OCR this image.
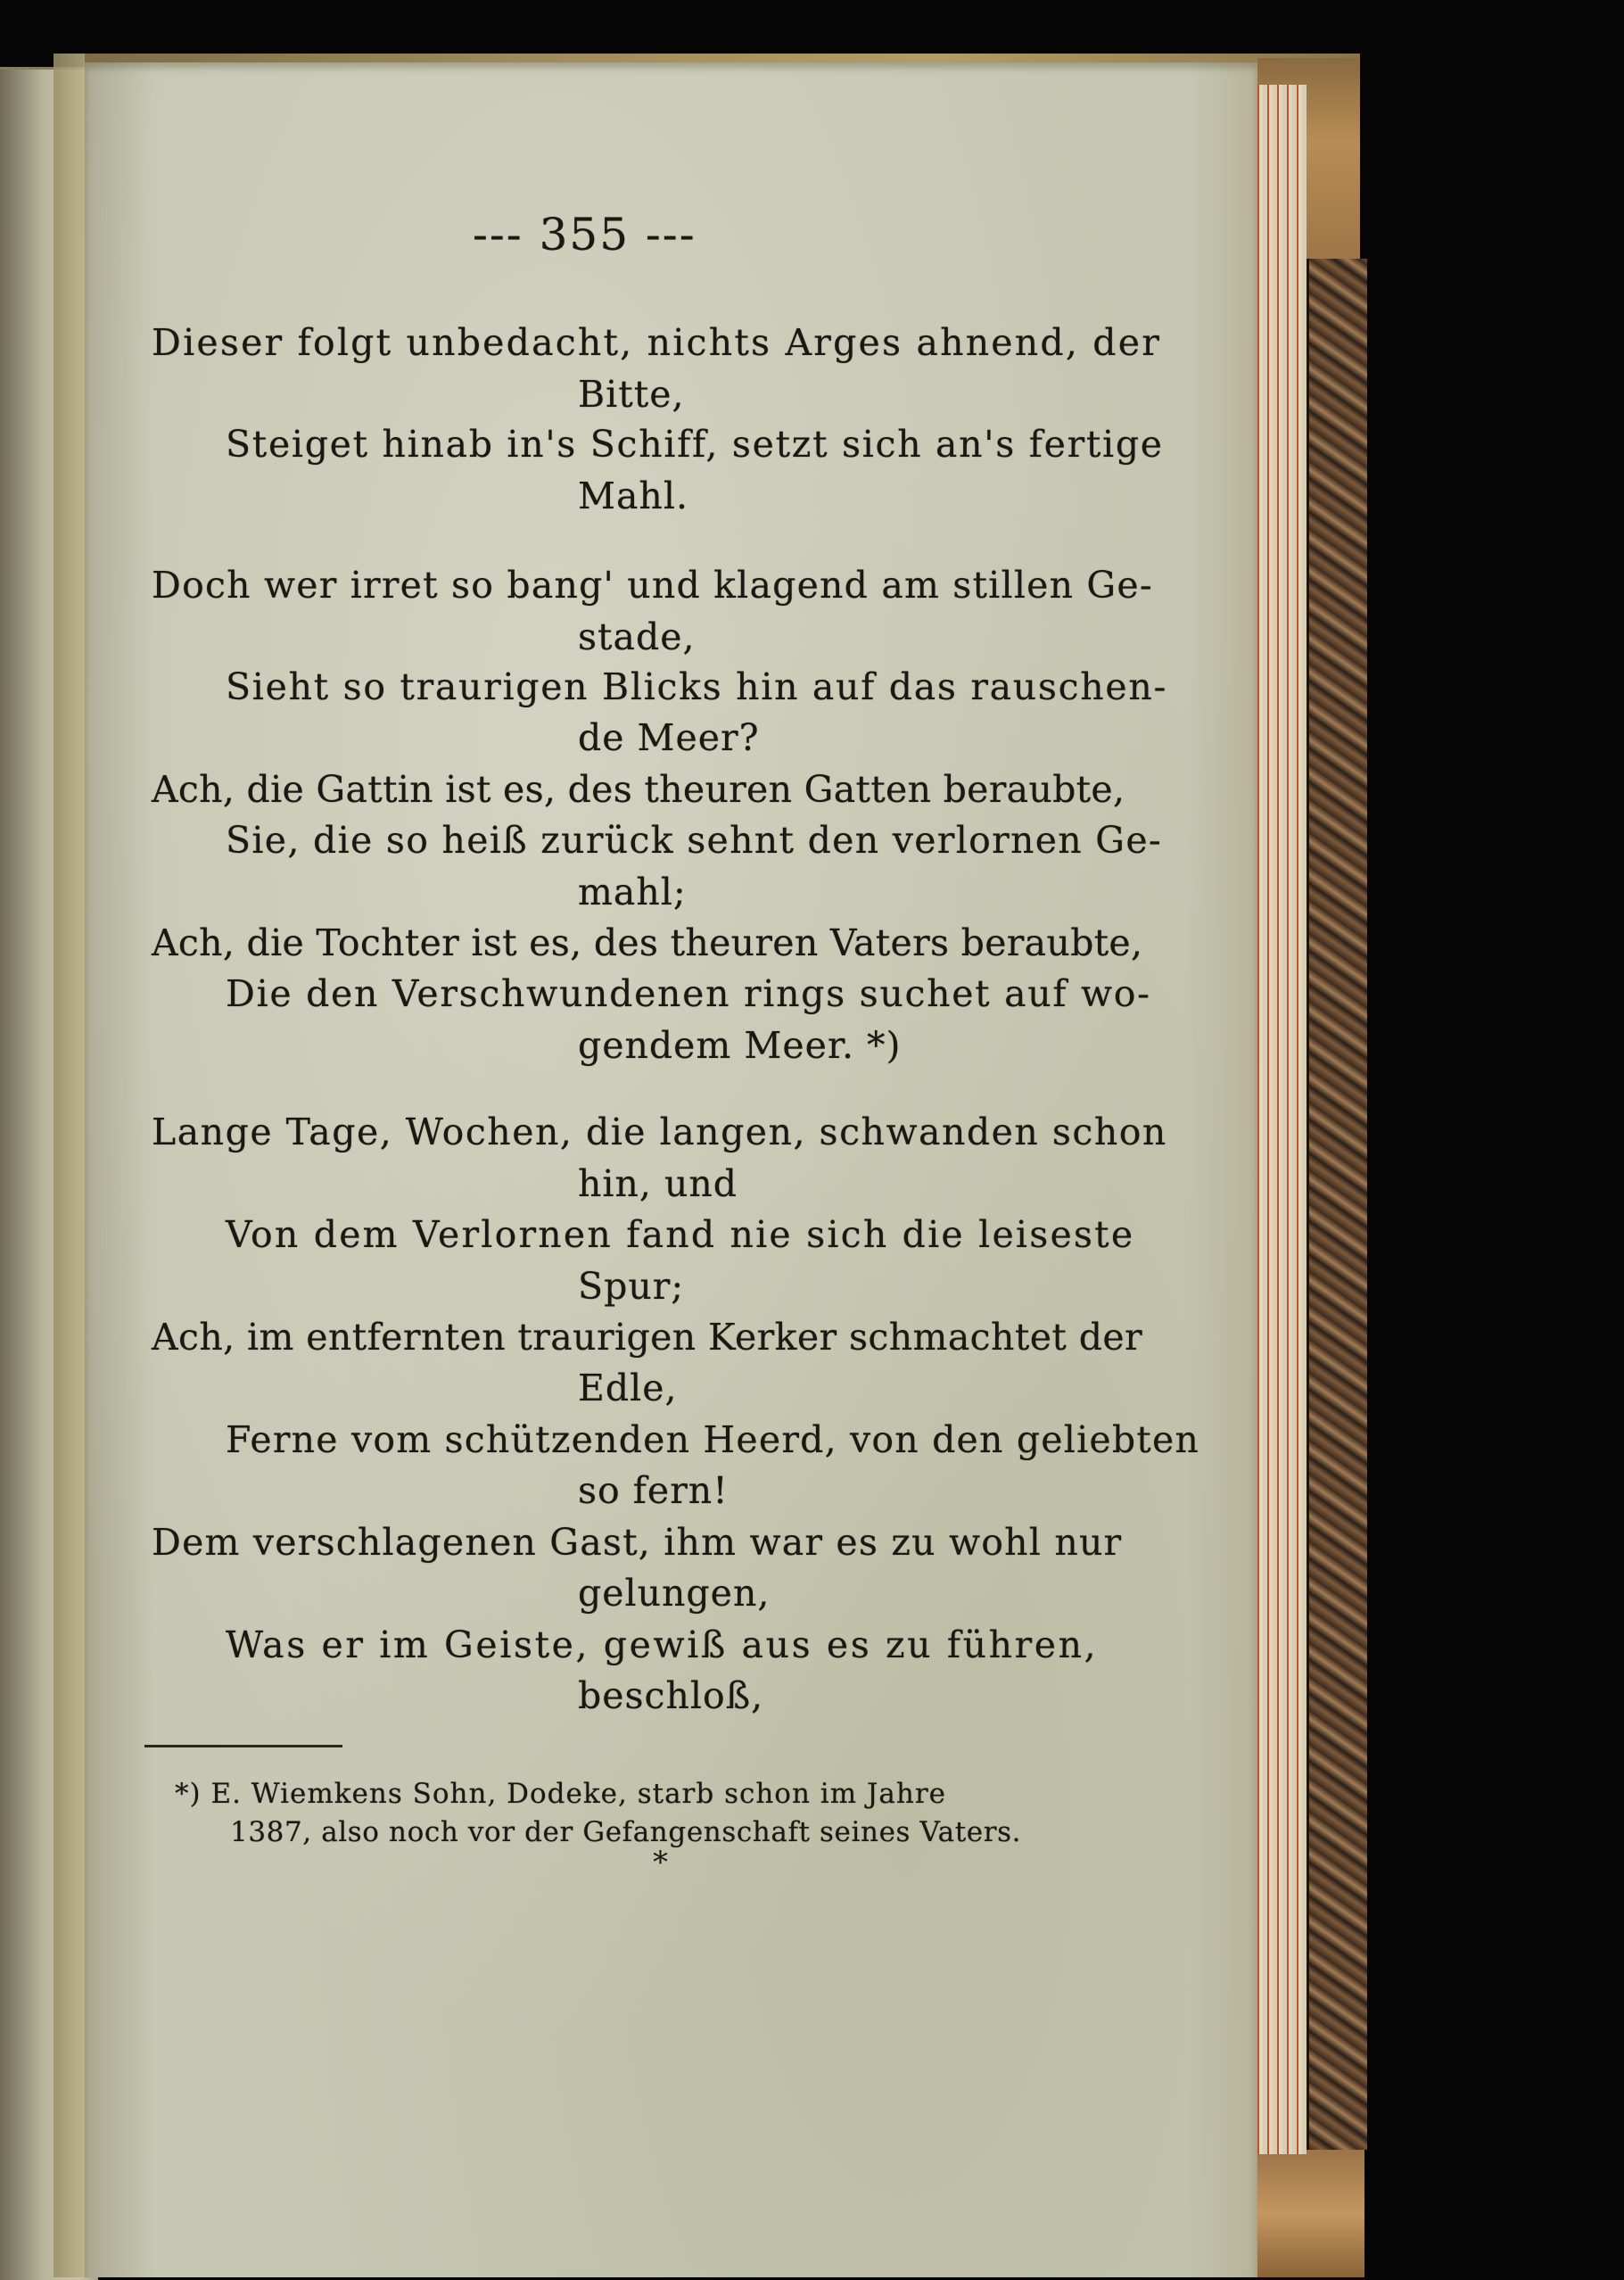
--- 355 ---
Dieser folgt unbedacht, nichts Arges ahnend, der
Bitte,
Steiget hinab in's Schiff, setzt sich an's fertige
Mahl.
Doch wer irret so bang' und klagend am stillen Ge-
stade,
Sieht so traurigen Blicks hin auf das rauschen-
de Meer?
Ach, die Gattin ist es, des theuren Gatten beraubte,
Sie, die so heiß zurück sehnt den verlornen Ge-
mahl;
Ach, die Tochter ist es, des theuren Vaters beraubte,
Die den Verschwundenen rings suchet auf wo-
gendem Meer. *)
Lange Tage, Wochen, die langen, schwanden schon
hin, und
Von dem Verlornen fand nie sich die leiseste
Spur;
Ach, im entfernten traurigen Kerker schmachtet der
Edle,
Ferne vom schützenden Heerd, von den geliebten
so fern!
Dem verschlagenen Gast, ihm war es zu wohl nur
gelungen,
Was er im Geiste, gewiß aus es zu führen,
beschloß,
*) E. Wiemkens Sohn, Dodeke, starb schon im Jahre
1387, also noch vor der Gefangenschaft seines Vaters.
*
